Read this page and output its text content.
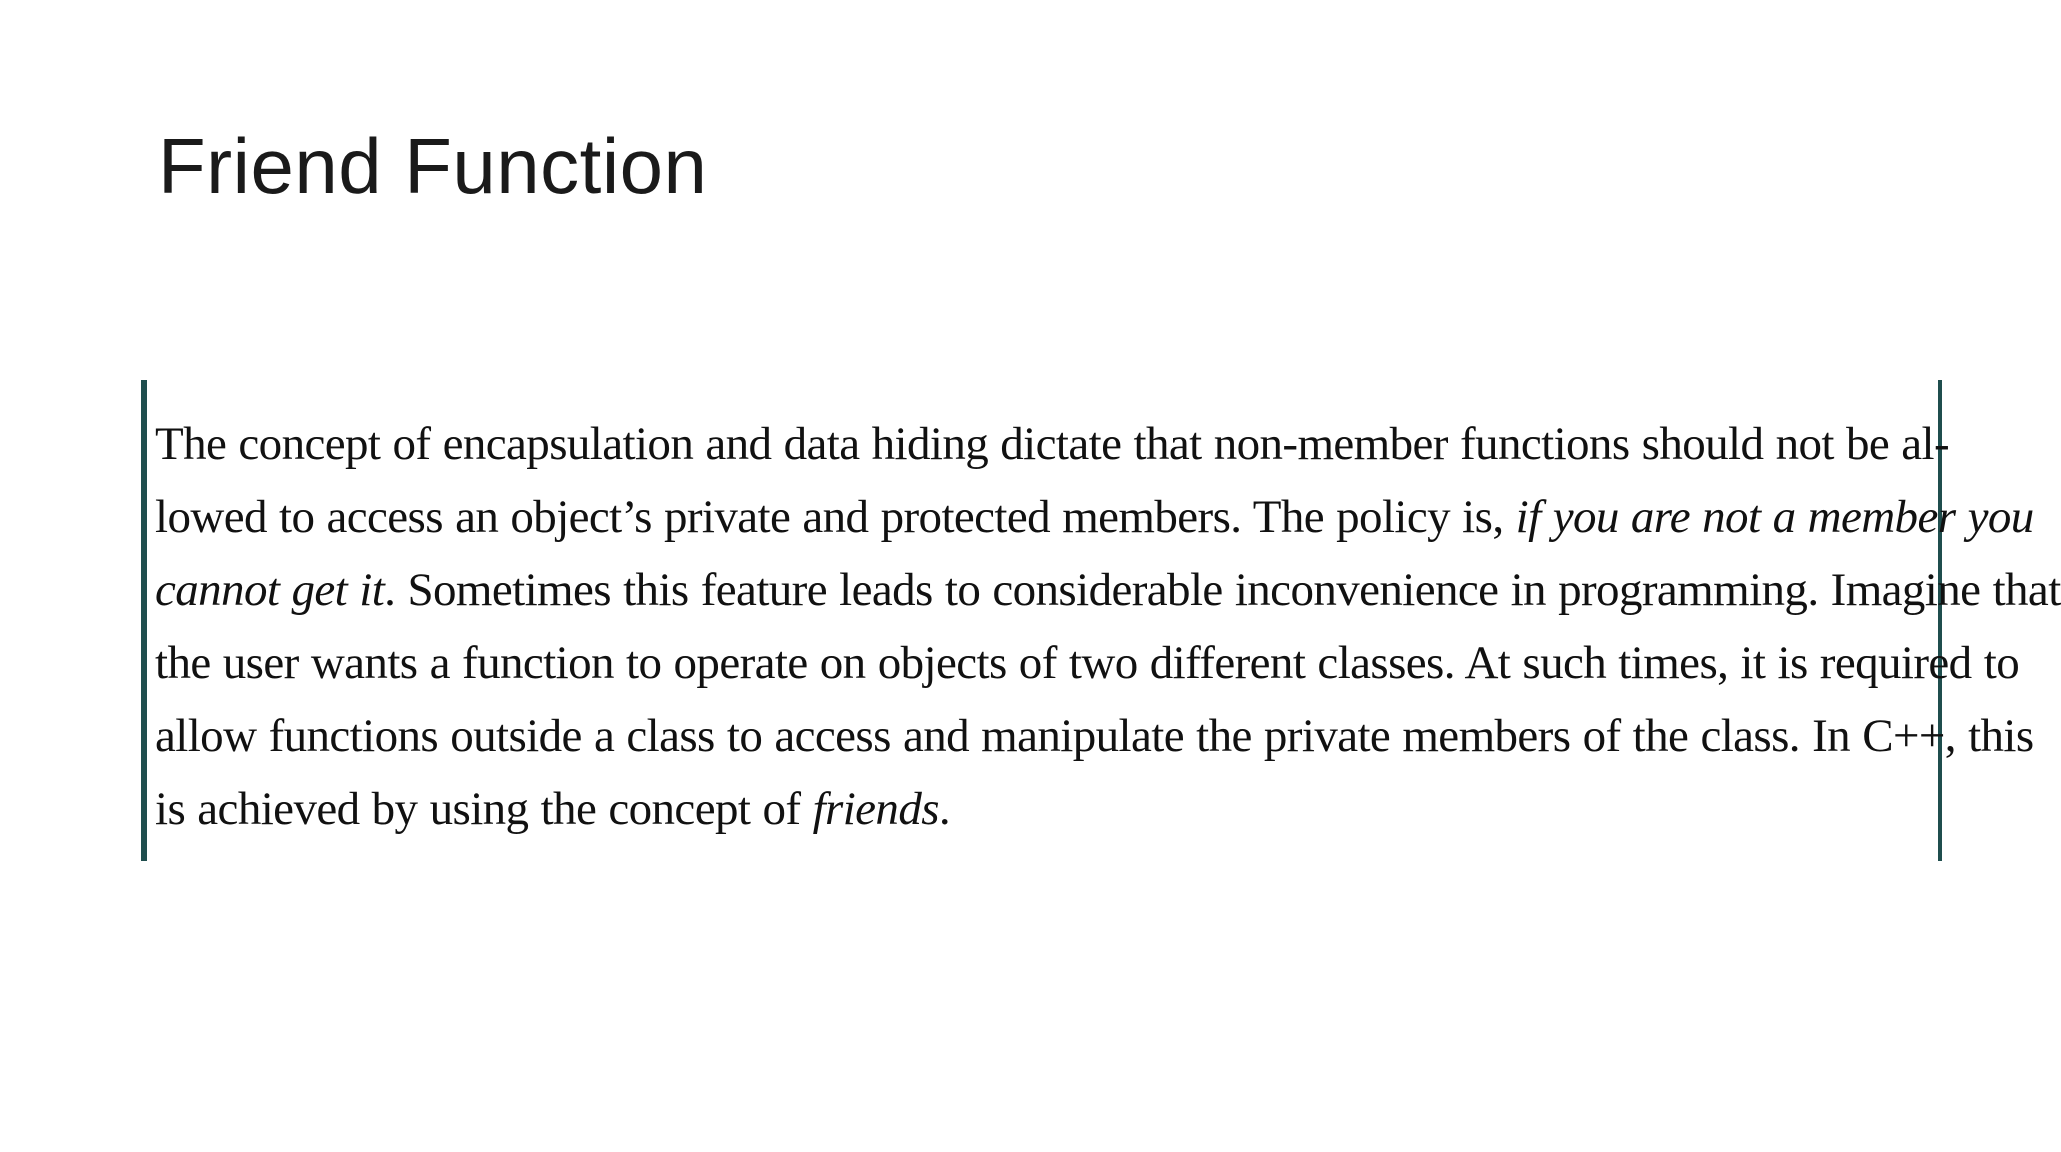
Friend Function

The concept of encapsulation and data hiding dictate that non-member functions should not be al-
lowed to access an object’s private and protected members. The policy is, if you are not a member you
cannot get it. Sometimes this feature leads to considerable inconvenience in programming. Imagine that
the user wants a function to operate on objects of two different classes. At such times, it is required to
allow functions outside a class to access and manipulate the private members of the class. In C++, this
is achieved by using the concept of friends.
